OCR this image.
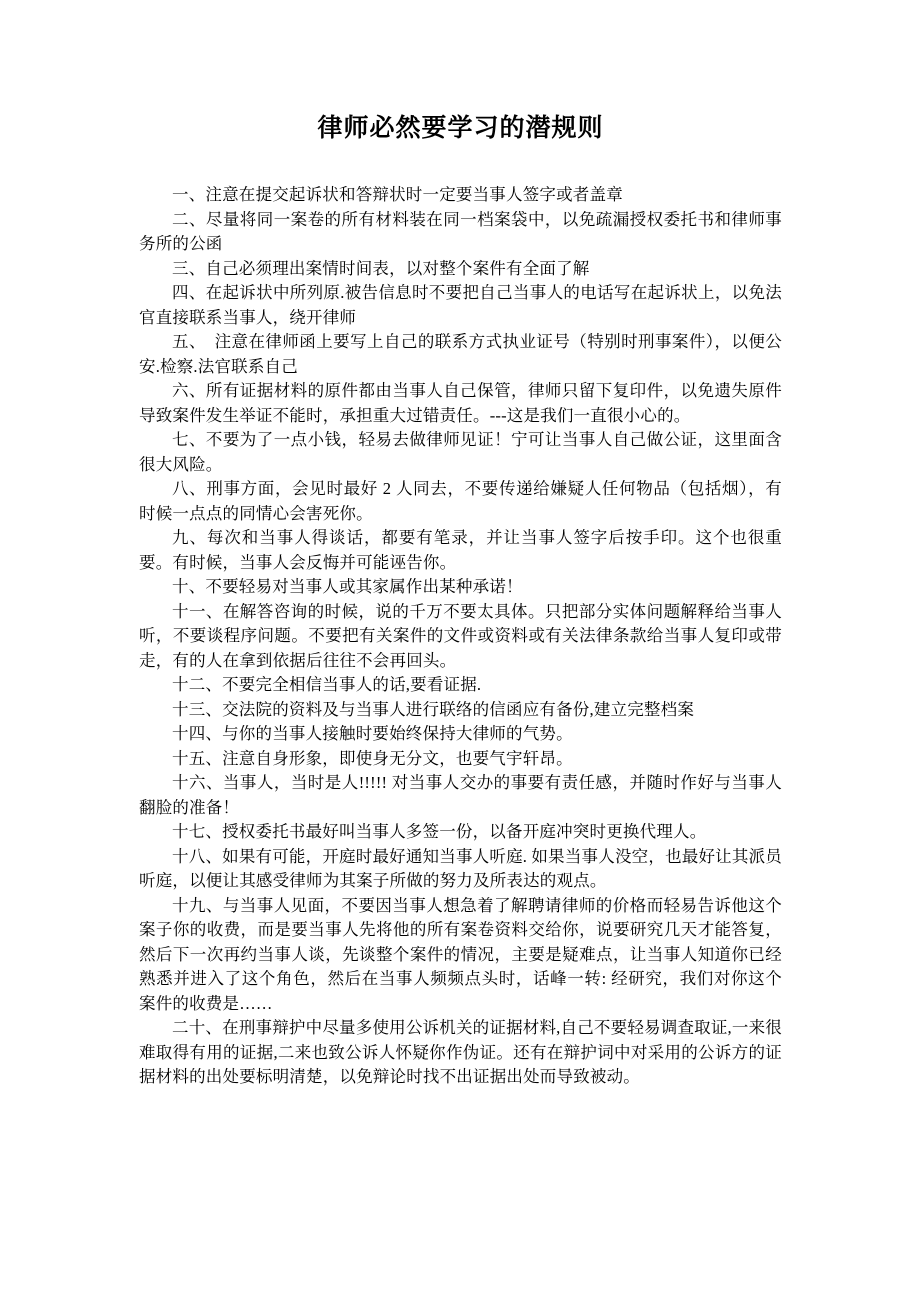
律师必然要学习的潜规则

一、注意在提交起诉状和答辩状时一定要当事人签字或者盖章

二、尽量将同一案卷的所有材料装在同一档案袋中，以免疏漏授权委托书和律师事务所的公函

三、自己必须理出案情时间表，以对整个案件有全面了解

四、在起诉状中所列原.被告信息时不要把自己当事人的电话写在起诉状上，以免法官直接联系当事人，绕开律师

五、　注意在律师函上要写上自己的联系方式执业证号（特别时刑事案件），以便公安.检察.法官联系自己

六、所有证据材料的原件都由当事人自己保管，律师只留下复印件，以免遗失原件导致案件发生举证不能时，承担重大过错责任。---这是我们一直很小心的。

七、不要为了一点小钱，轻易去做律师见证！宁可让当事人自己做公证，这里面含很大风险。

八、刑事方面，会见时最好 2 人同去，不要传递给嫌疑人任何物品（包括烟），有时候一点点的同情心会害死你。

九、每次和当事人得谈话，都要有笔录，并让当事人签字后按手印。这个也很重要。有时候，当事人会反悔并可能诬告你。

十、不要轻易对当事人或其家属作出某种承诺！

十一、在解答咨询的时候，说的千万不要太具体。只把部分实体问题解释给当事人听，不要谈程序问题。不要把有关案件的文件或资料或有关法律条款给当事人复印或带走，有的人在拿到依据后往往不会再回头。

十二、不要完全相信当事人的话,要看证据.

十三、交法院的资料及与当事人进行联络的信函应有备份,建立完整档案

十四、与你的当事人接触时要始终保持大律师的气势。

十五、注意自身形象，即使身无分文，也要气宇轩昂。

十六、当事人，当时是人!!!!! 对当事人交办的事要有责任感，并随时作好与当事人翻脸的准备！

十七、授权委托书最好叫当事人多签一份，以备开庭冲突时更换代理人。

十八、如果有可能，开庭时最好通知当事人听庭. 如果当事人没空，也最好让其派员听庭，以便让其感受律师为其案子所做的努力及所表达的观点。

十九、与当事人见面，不要因当事人想急着了解聘请律师的价格而轻易告诉他这个案子你的收费，而是要当事人先将他的所有案卷资料交给你，说要研究几天才能答复，然后下一次再约当事人谈，先谈整个案件的情况，主要是疑难点，让当事人知道你已经熟悉并进入了这个角色，然后在当事人频频点头时，话峰一转: 经研究，我们对你这个案件的收费是……

二十、在刑事辩护中尽量多使用公诉机关的证据材料,自己不要轻易调查取证,一来很难取得有用的证据,二来也致公诉人怀疑你作伪证。还有在辩护词中对采用的公诉方的证据材料的出处要标明清楚，以免辩论时找不出证据出处而导致被动。
